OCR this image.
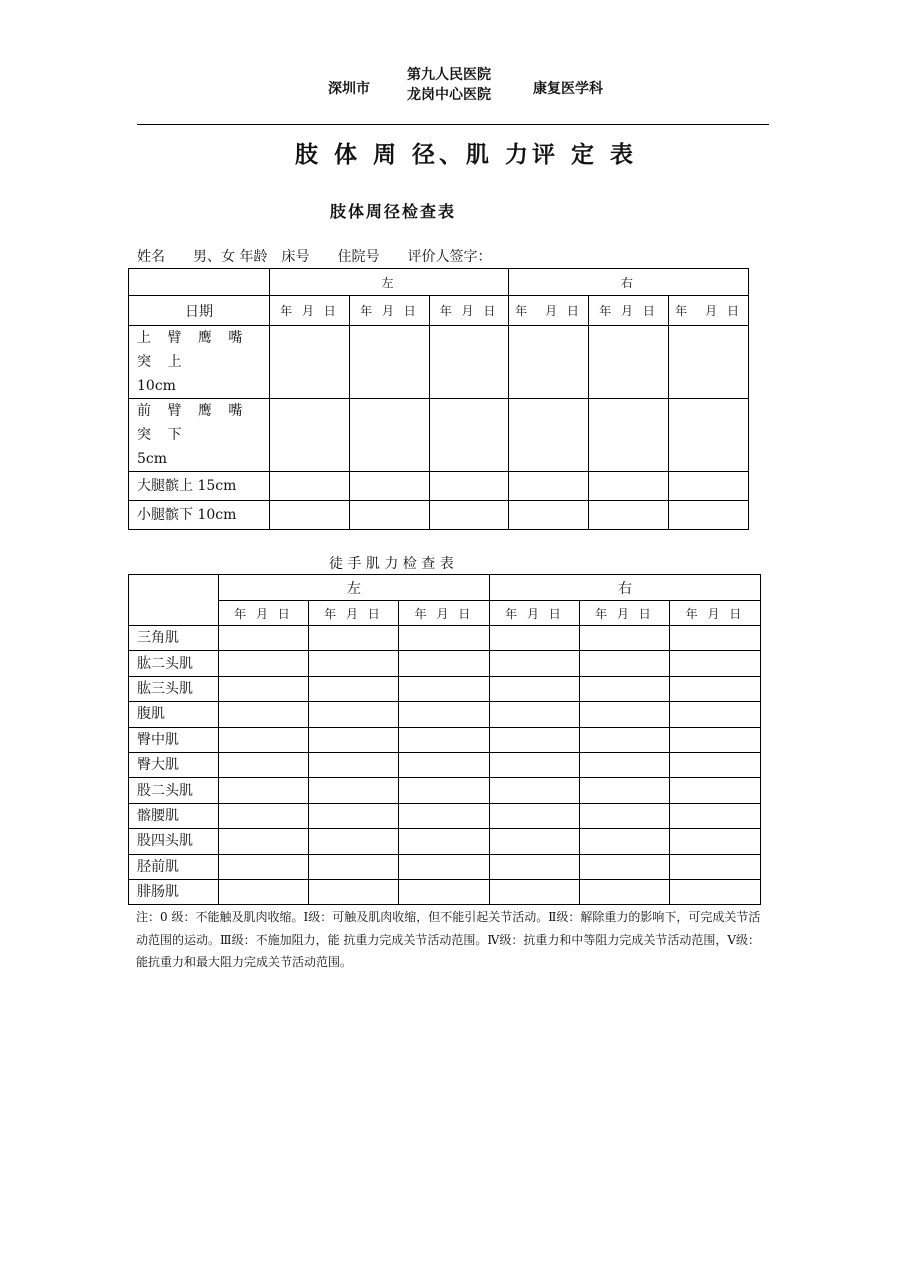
深圳市
第九人民医院
龙岗中心医院	康复医学科
肢 体 周 径、肌 力评 定 表
肢体周径检查表
姓名　　男、女 年龄　床号　　住院号　　评价人签字：
	左			右		
日期	年 月 日	年 月 日	年 月 日	年　月 日	年 月 日	年　月 日

上 臂 鹰 嘴 突 上
10cm						

前 臂 鹰 嘴 突 下
5cm						

大腿髌上 15cm						
小腿髌下 10cm						
徒 手 肌 力 检 查 表
	左			右		
	年 月 日	年 月 日	年 月 日	年 月 日	年 月 日	年 月 日
三角肌						
肱二头肌						
肱三头肌						
腹肌						
臀中肌						
臀大肌						
股二头肌						
髂腰肌						
股四头肌						
胫前肌						
腓肠肌						
注：0 级：不能触及肌肉收缩。Ⅰ级：可触及肌肉收缩，但不能引起关节活动。Ⅱ级：解除重力的影响下，可完成关节活动范围的运动。Ⅲ级：不施加阻力，能 抗重力完成关节活动范围。Ⅳ级：抗重力和中等阻力完成关节活动范围，Ⅴ级：能抗重力和最大阻力完成关节活动范围。
